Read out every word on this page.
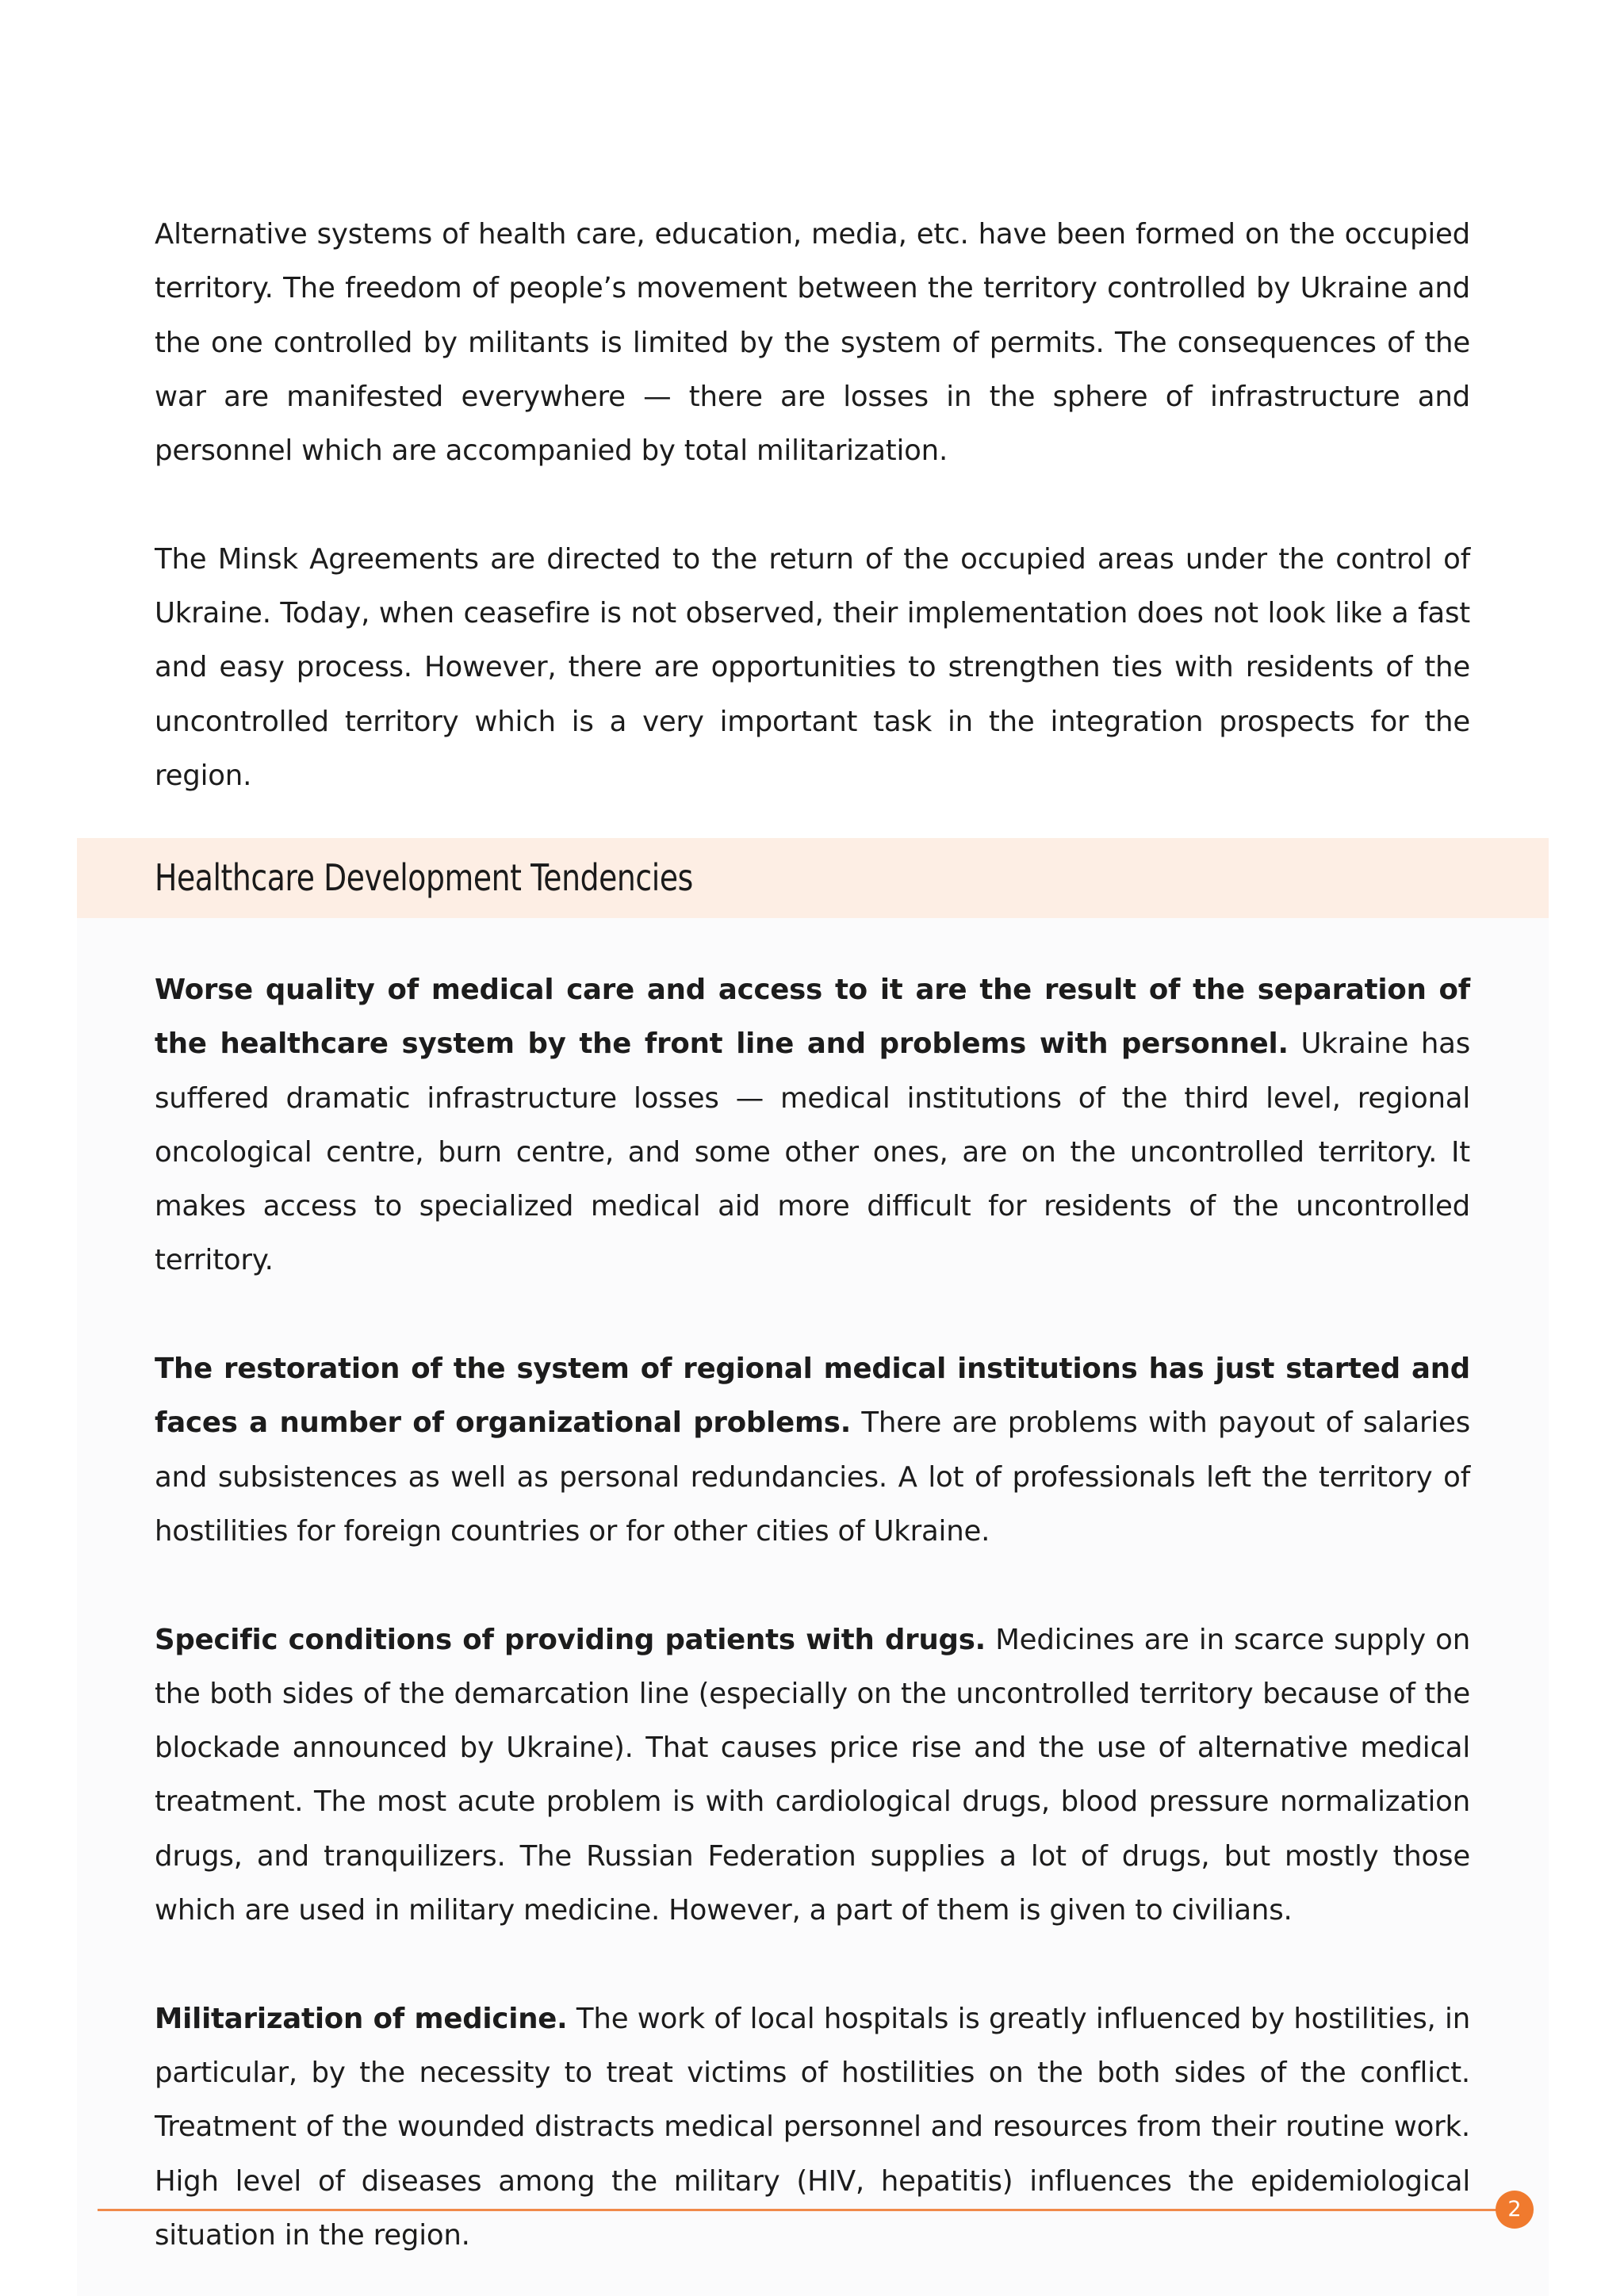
Alternative systems of health care, education, media, etc. have been formed on the occupied territory. The freedom of people’s movement between the territory controlled by Ukraine and the one controlled by militants is limited by the system of permits. The consequences of the war are manifested everywhere — there are losses in the sphere of infrastructure and personnel which are accompanied by total militarization.

The Minsk Agreements are directed to the return of the occupied areas under the control of Ukraine. Today, when ceasefire is not observed, their implementation does not look like a fast and easy process. However, there are opportunities to strengthen ties with residents of the uncontrolled territory which is a very important task in the integration prospects for the region.

Healthcare Development Tendencies

Worse quality of medical care and access to it are the result of the separation of the healthcare system by the front line and problems with personnel. Ukraine has suffered dramatic infrastructure losses — medical institutions of the third level, regional oncological centre, burn centre, and some other ones, are on the uncontrolled territory. It makes access to specialized medical aid more difficult for residents of the uncontrolled territory.

The restoration of the system of regional medical institutions has just started and faces a number of organizational problems. There are problems with payout of salaries and subsistences as well as personal redundancies. A lot of professionals left the territory of hostilities for foreign countries or for other cities of Ukraine.

Specific conditions of providing patients with drugs. Medicines are in scarce supply on the both sides of the demarcation line (especially on the uncontrolled territory because of the blockade announced by Ukraine). That causes price rise and the use of alternative medical treatment. The most acute problem is with cardiological drugs, blood pressure normalization drugs, and tranquilizers. The Russian Federation supplies a lot of drugs, but mostly those which are used in military medicine. However, a part of them is given to civilians.

Militarization of medicine. The work of local hospitals is greatly influenced by hostilities, in particular, by the necessity to treat victims of hostilities on the both sides of the conflict. Treatment of the wounded distracts medical personnel and resources from their routine work. High level of diseases among the military (HIV, hepatitis) influences the epidemiological situation in the region.

2
